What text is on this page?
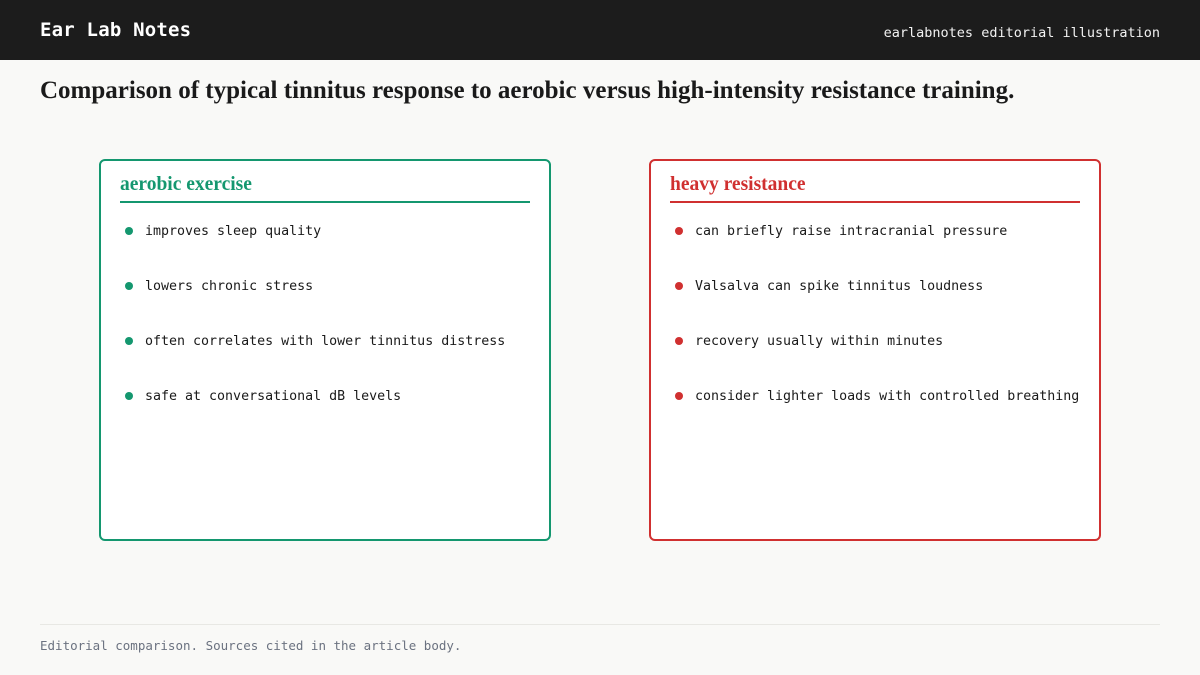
Ear Lab Notes	earlabnotes editorial illustration
Comparison of typical tinnitus response to aerobic versus high-intensity resistance training.
aerobic exercise
improves sleep quality
lowers chronic stress
often correlates with lower tinnitus distress
safe at conversational dB levels
heavy resistance
can briefly raise intracranial pressure
Valsalva can spike tinnitus loudness
recovery usually within minutes
consider lighter loads with controlled breathing
Editorial comparison. Sources cited in the article body.
